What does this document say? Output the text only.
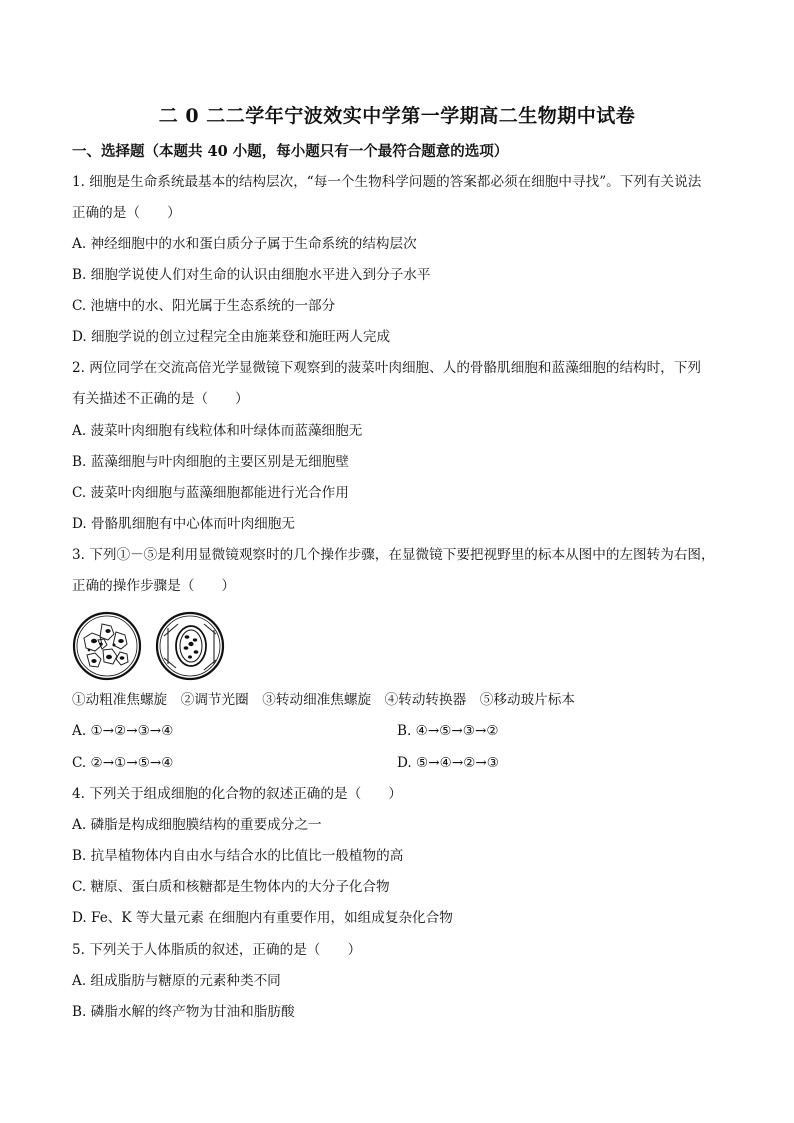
二 0 二二学年宁波效实中学第一学期高二生物期中试卷
一、选择题（本题共 40 小题，每小题只有一个最符合题意的选项）
1. 细胞是生命系统最基本的结构层次，“每一个生物科学问题的答案都必须在细胞中寻找”。下列有关说法
正确的是（　　）
A. 神经细胞中的水和蛋白质分子属于生命系统的结构层次
B. 细胞学说使人们对生命的认识由细胞水平进入到分子水平
C. 池塘中的水、阳光属于生态系统的一部分
D. 细胞学说的创立过程完全由施莱登和施旺两人完成
2. 两位同学在交流高倍光学显微镜下观察到的菠菜叶肉细胞、人的骨骼肌细胞和蓝藻细胞的结构时，下列
有关描述不正确的是（　　）
A. 菠菜叶肉细胞有线粒体和叶绿体而蓝藻细胞无
B. 蓝藻细胞与叶肉细胞的主要区别是无细胞壁
C. 菠菜叶肉细胞与蓝藻细胞都能进行光合作用
D. 骨骼肌细胞有中心体而叶肉细胞无
3. 下列①－⑤是利用显微镜观察时的几个操作步骤，在显微镜下要把视野里的标本从图中的左图转为右图，
正确的操作步骤是（　　）
①动粗准焦螺旋　②调节光圈　③转动细准焦螺旋　④转动转换器　⑤移动玻片标本
A. ①→②→③→④	B. ④→⑤→③→②
C. ②→①→⑤→④	D. ⑤→④→②→③
4. 下列关于组成细胞的化合物的叙述正确的是（　　）
A. 磷脂是构成细胞膜结构的重要成分之一
B. 抗旱植物体内自由水与结合水的比值比一般植物的高
C. 糖原、蛋白质和核糖都是生物体内的大分子化合物
D. Fe、K 等大量元素 在细胞内有重要作用，如组成复杂化合物
5. 下列关于人体脂质的叙述，正确的是（　　）
A. 组成脂肪与糖原的元素种类不同
B. 磷脂水解的终产物为甘油和脂肪酸
